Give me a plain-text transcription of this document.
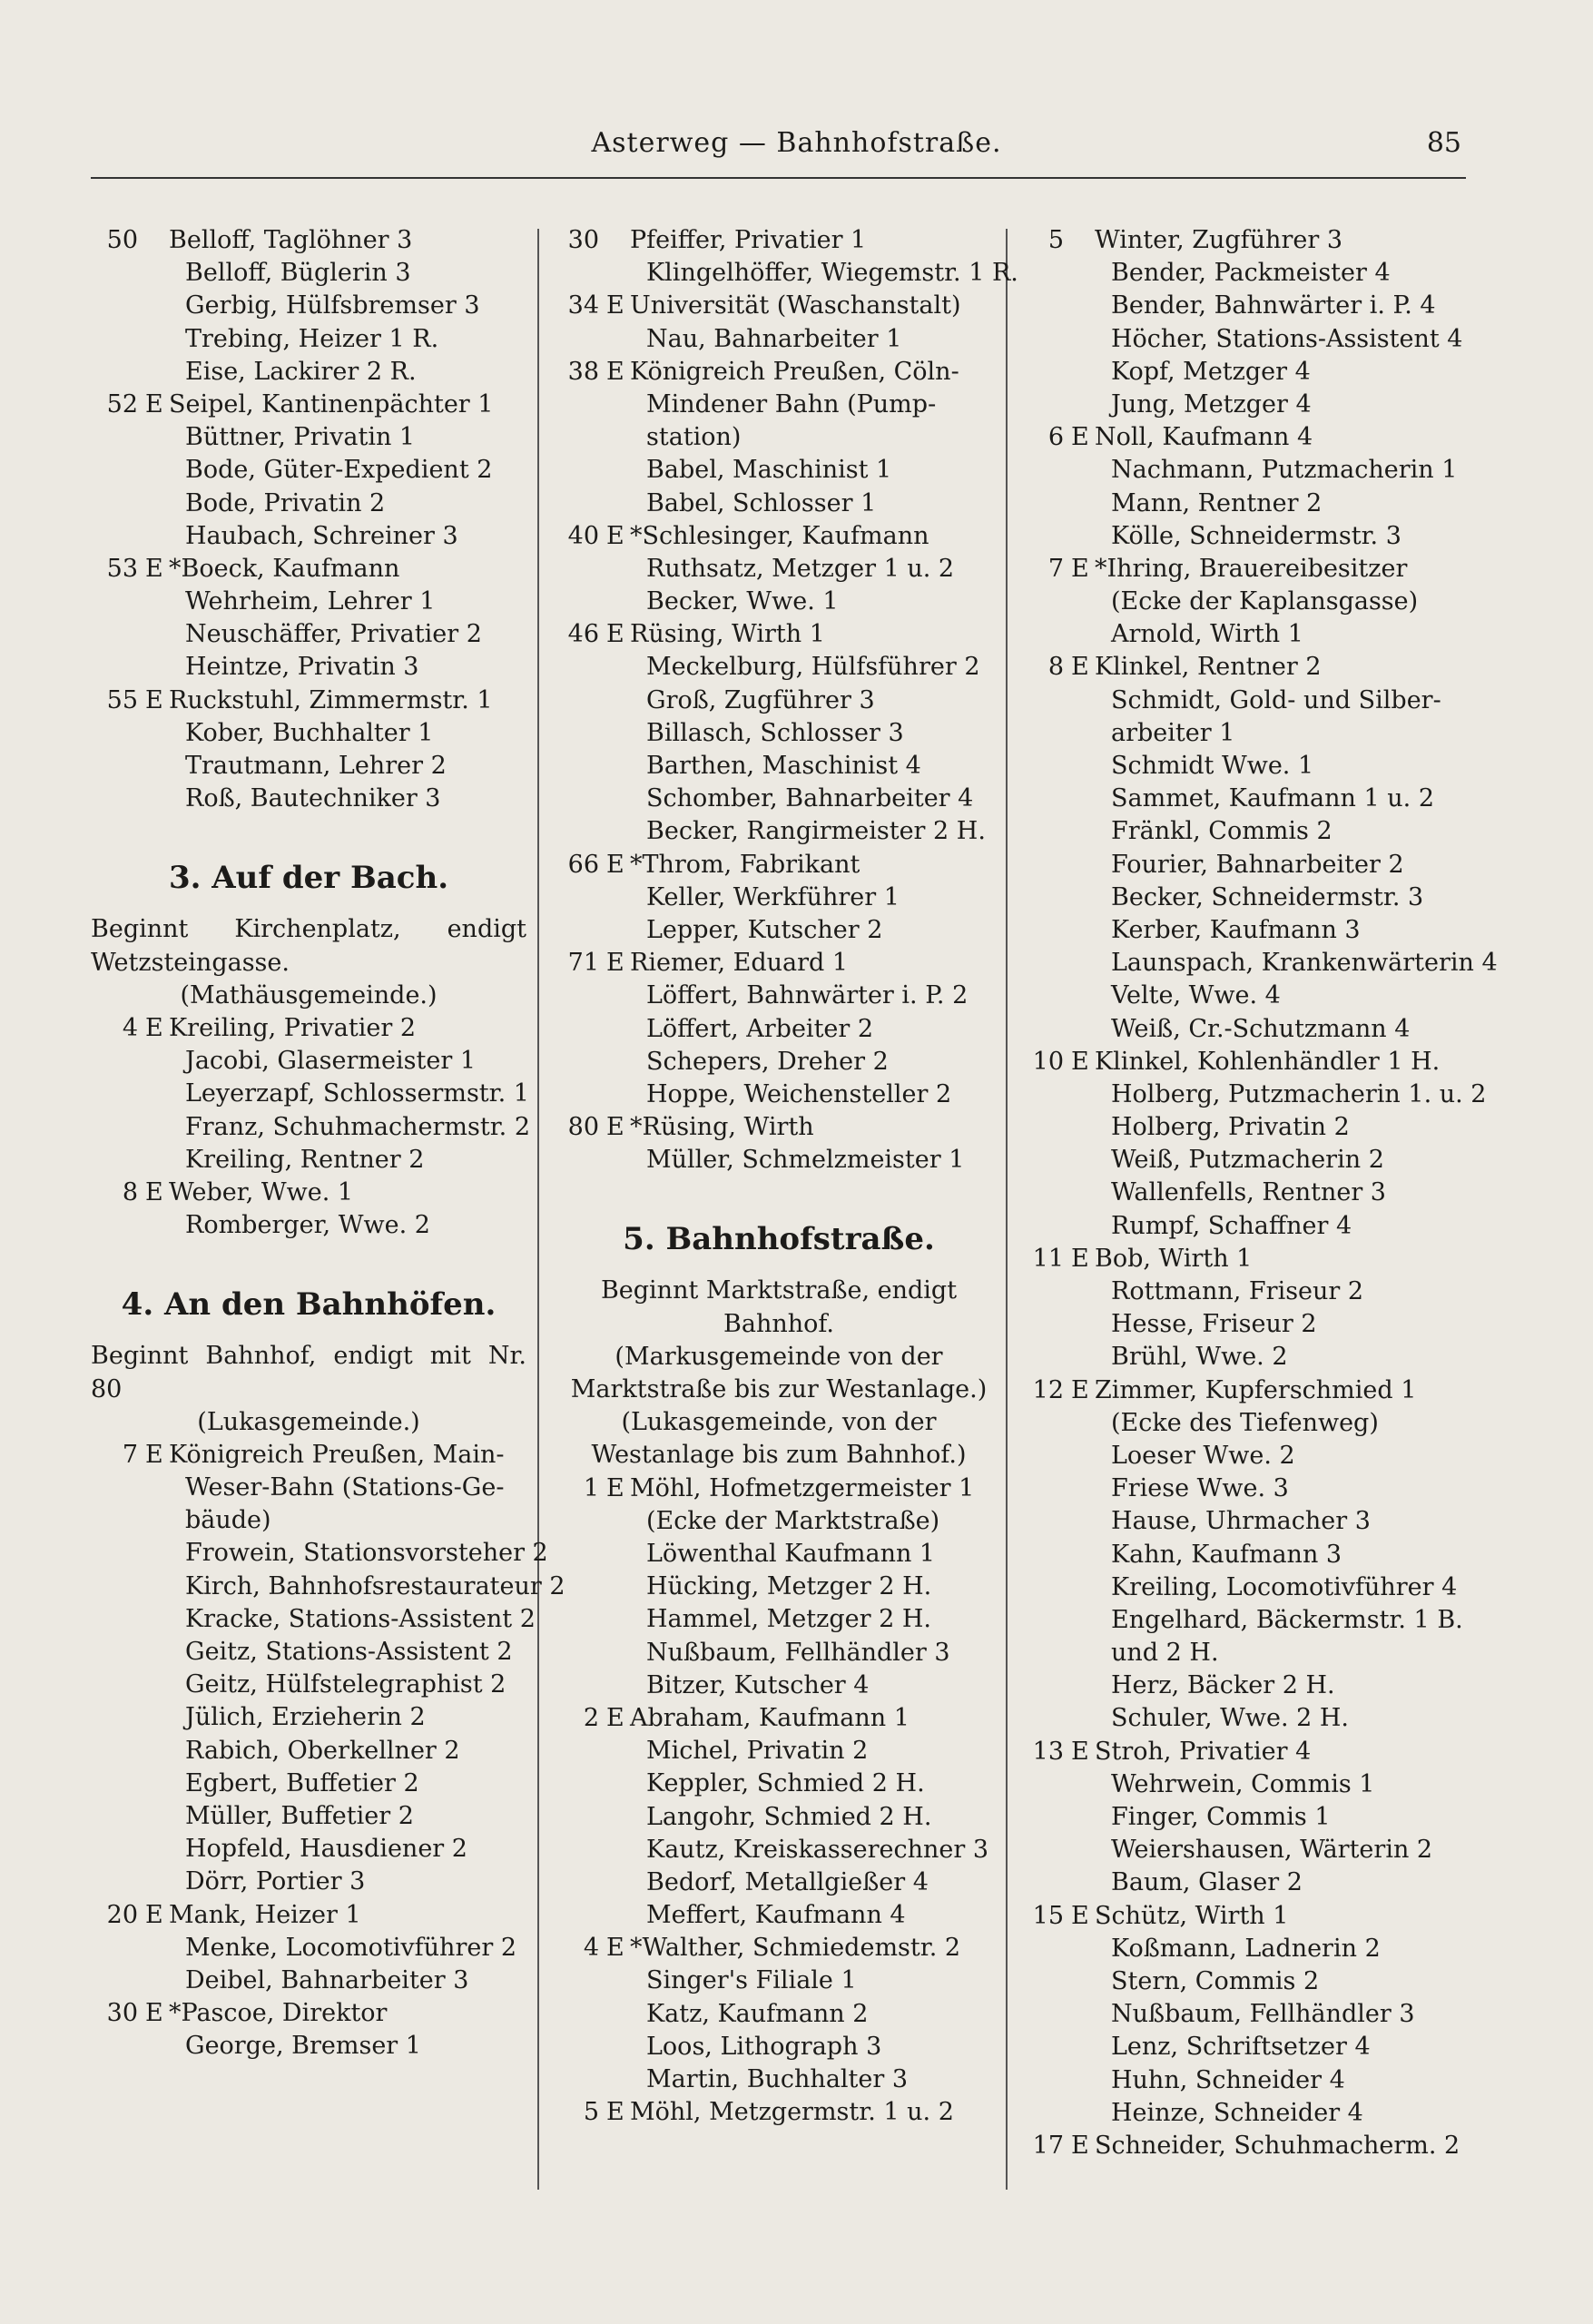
Asterweg — Bahnhofstraße.	85
50 Belloff, Taglöhner 3
Belloff, Büglerin 3
Gerbig, Hülfsbremser 3
Trebing, Heizer 1 R.
Eise, Lackirer 2 R.
52 E Seipel, Kantinenpächter 1
Büttner, Privatin 1
Bode, Güter-Expedient 2
Bode, Privatin 2
Haubach, Schreiner 3
53 E *Boeck, Kaufmann
Wehrheim, Lehrer 1
Neuschäffer, Privatier 2
Heintze, Privatin 3
55 E Ruckstuhl, Zimmermstr. 1
Kober, Buchhalter 1
Trautmann, Lehrer 2
Roß, Bautechniker 3
3. Auf der Bach.
Beginnt Kirchenplatz, endigt Wetzsteingasse.
(Mathäusgemeinde.)
4 E Kreiling, Privatier 2
Jacobi, Glasermeister 1
Leyerzapf, Schlossermstr. 1
Franz, Schuhmachermstr. 2
Kreiling, Rentner 2
8 E Weber, Wwe. 1
Romberger, Wwe. 2
4. An den Bahnhöfen.
Beginnt Bahnhof, endigt mit Nr. 80
(Lukasgemeinde.)
7 E Königreich Preußen, Main-
Weser-Bahn (Stations-Ge-
bäude)
Frowein, Stationsvorsteher 2
Kirch, Bahnhofsrestaurateur 2
Kracke, Stations-Assistent 2
Geitz, Stations-Assistent 2
Geitz, Hülfstelegraphist 2
Jülich, Erzieherin 2
Rabich, Oberkellner 2
Egbert, Buffetier 2
Müller, Buffetier 2
Hopfeld, Hausdiener 2
Dörr, Portier 3
20 E Mank, Heizer 1
Menke, Locomotivführer 2
Deibel, Bahnarbeiter 3
30 E *Pascoe, Direktor
George, Bremser 1
30 Pfeiffer, Privatier 1
Klingelhöffer, Wiegemstr. 1 R.
34 E Universität (Waschanstalt)
Nau, Bahnarbeiter 1
38 E Königreich Preußen, Cöln-
Mindener Bahn (Pump-
station)
Babel, Maschinist 1
Babel, Schlosser 1
40 E *Schlesinger, Kaufmann
Ruthsatz, Metzger 1 u. 2
Becker, Wwe. 1
46 E Rüsing, Wirth 1
Meckelburg, Hülfsführer 2
Groß, Zugführer 3
Billasch, Schlosser 3
Barthen, Maschinist 4
Schomber, Bahnarbeiter 4
Becker, Rangirmeister 2 H.
66 E *Throm, Fabrikant
Keller, Werkführer 1
Lepper, Kutscher 2
71 E Riemer, Eduard 1
Löffert, Bahnwärter i. P. 2
Löffert, Arbeiter 2
Schepers, Dreher 2
Hoppe, Weichensteller 2
80 E *Rüsing, Wirth
Müller, Schmelzmeister 1
5. Bahnhofstraße.
Beginnt Marktstraße, endigt Bahnhof.
(Markusgemeinde von der Marktstraße bis zur Westanlage.) (Lukasgemeinde, von der Westanlage bis zum Bahnhof.)
1 E Möhl, Hofmetzgermeister 1
(Ecke der Marktstraße)
Löwenthal Kaufmann 1
Hücking, Metzger 2 H.
Hammel, Metzger 2 H.
Nußbaum, Fellhändler 3
Bitzer, Kutscher 4
2 E Abraham, Kaufmann 1
Michel, Privatin 2
Keppler, Schmied 2 H.
Langohr, Schmied 2 H.
Kautz, Kreiskasserechner 3
Bedorf, Metallgießer 4
Meffert, Kaufmann 4
4 E *Walther, Schmiedemstr. 2
Singer's Filiale 1
Katz, Kaufmann 2
Loos, Lithograph 3
Martin, Buchhalter 3
5 E Möhl, Metzgermstr. 1 u. 2
5 Winter, Zugführer 3
Bender, Packmeister 4
Bender, Bahnwärter i. P. 4
Höcher, Stations-Assistent 4
Kopf, Metzger 4
Jung, Metzger 4
6 E Noll, Kaufmann 4
Nachmann, Putzmacherin 1
Mann, Rentner 2
Kölle, Schneidermstr. 3
7 E *Ihring, Brauereibesitzer
(Ecke der Kaplansgasse)
Arnold, Wirth 1
8 E Klinkel, Rentner 2
Schmidt, Gold- und Silber-
arbeiter 1
Schmidt Wwe. 1
Sammet, Kaufmann 1 u. 2
Fränkl, Commis 2
Fourier, Bahnarbeiter 2
Becker, Schneidermstr. 3
Kerber, Kaufmann 3
Launspach, Krankenwärterin 4
Velte, Wwe. 4
Weiß, Cr.-Schutzmann 4
10 E Klinkel, Kohlenhändler 1 H.
Holberg, Putzmacherin 1. u. 2
Holberg, Privatin 2
Weiß, Putzmacherin 2
Wallenfells, Rentner 3
Rumpf, Schaffner 4
11 E Bob, Wirth 1
Rottmann, Friseur 2
Hesse, Friseur 2
Brühl, Wwe. 2
12 E Zimmer, Kupferschmied 1
(Ecke des Tiefenweg)
Loeser Wwe. 2
Friese Wwe. 3
Hause, Uhrmacher 3
Kahn, Kaufmann 3
Kreiling, Locomotivführer 4
Engelhard, Bäckermstr. 1 B.
und 2 H.
Herz, Bäcker 2 H.
Schuler, Wwe. 2 H.
13 E Stroh, Privatier 4
Wehrwein, Commis 1
Finger, Commis 1
Weiershausen, Wärterin 2
Baum, Glaser 2
15 E Schütz, Wirth 1
Koßmann, Ladnerin 2
Stern, Commis 2
Nußbaum, Fellhändler 3
Lenz, Schriftsetzer 4
Huhn, Schneider 4
Heinze, Schneider 4
17 E Schneider, Schuhmacherm. 2
